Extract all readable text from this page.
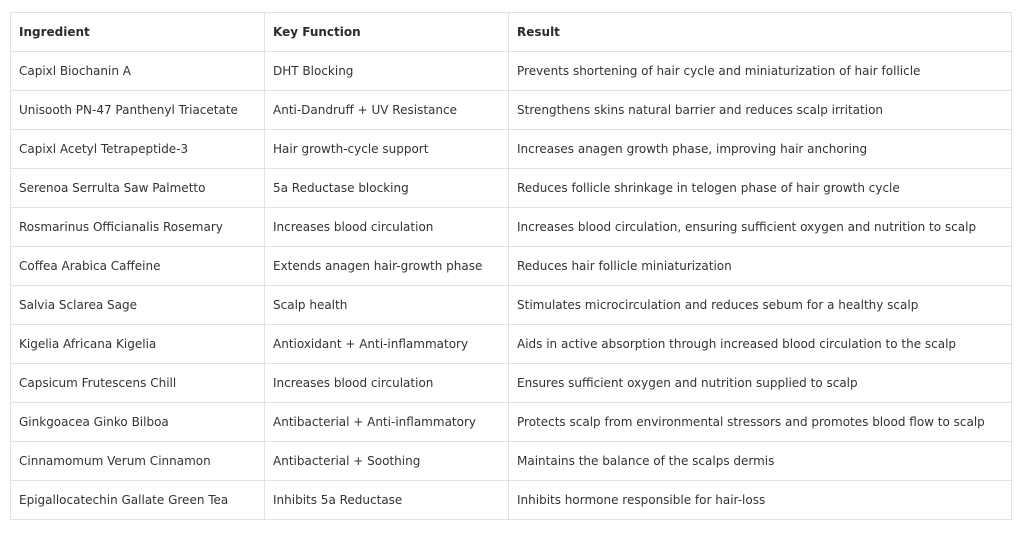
Ingredient	Key Function	Result
Capixl Biochanin A	DHT Blocking	Prevents shortening of hair cycle and miniaturization of hair follicle
Unisooth PN-47 Panthenyl Triacetate	Anti-Dandruff + UV Resistance	Strengthens skins natural barrier and reduces scalp irritation
Capixl Acetyl Tetrapeptide-3	Hair growth-cycle support	Increases anagen growth phase, improving hair anchoring
Serenoa Serrulta Saw Palmetto	5a Reductase blocking	Reduces follicle shrinkage in telogen phase of hair growth cycle
Rosmarinus Officianalis Rosemary	Increases blood circulation	Increases blood circulation, ensuring sufficient oxygen and nutrition to scalp
Coffea Arabica Caffeine	Extends anagen hair-growth phase	Reduces hair follicle miniaturization
Salvia Sclarea Sage	Scalp health	Stimulates microcirculation and reduces sebum for a healthy scalp
Kigelia Africana Kigelia	Antioxidant + Anti-inflammatory	Aids in active absorption through increased blood circulation to the scalp
Capsicum Frutescens Chill	Increases blood circulation	Ensures sufficient oxygen and nutrition supplied to scalp
Ginkgoacea Ginko Bilboa	Antibacterial + Anti-inflammatory	Protects scalp from environmental stressors and promotes blood flow to scalp
Cinnamomum Verum Cinnamon	Antibacterial + Soothing	Maintains the balance of the scalps dermis
Epigallocatechin Gallate Green Tea	Inhibits 5a Reductase	Inhibits hormone responsible for hair-loss
